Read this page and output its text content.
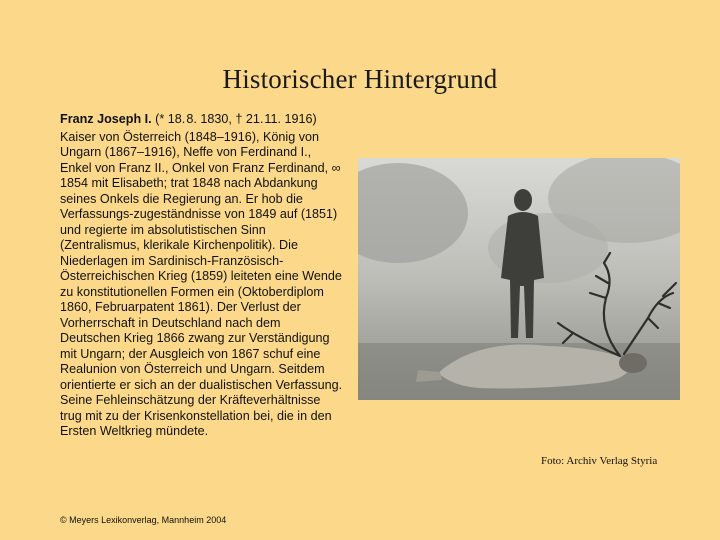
Historischer Hintergrund

Franz Joseph I. (* 18. 8. 1830, † 21. 11. 1916)

Kaiser von Österreich (1848–1916), König von Ungarn (1867–1916), Neffe von Ferdinand I., Enkel von Franz II., Onkel von Franz Ferdinand, ∞ 1854 mit Elisabeth; trat 1848 nach Abdankung seines Onkels die Regierung an. Er hob die Verfassungs-zugeständnisse von 1849 auf (1851) und regierte im absolutistischen Sinn (Zentralismus, klerikale Kirchenpolitik). Die Niederlagen im Sardinisch-Französisch-Österreichischen Krieg (1859) leiteten eine Wende zu konstitutionellen Formen ein (Oktoberdiplom 1860, Februarpatent 1861). Der Verlust der Vorherrschaft in Deutschland nach dem Deutschen Krieg 1866 zwang zur Verständigung mit Ungarn; der Ausgleich von 1867 schuf eine Realunion von Österreich und Ungarn. Seitdem orientierte er sich an der dualistischen Verfassung. Seine Fehleinschätzung der Kräfteverhältnisse trug mit zu der Krisenkonstellation bei, die in den Ersten Weltkrieg mündete.

© Meyers Lexikonverlag, Mannheim 2004
Foto: Archiv Verlag Styria
